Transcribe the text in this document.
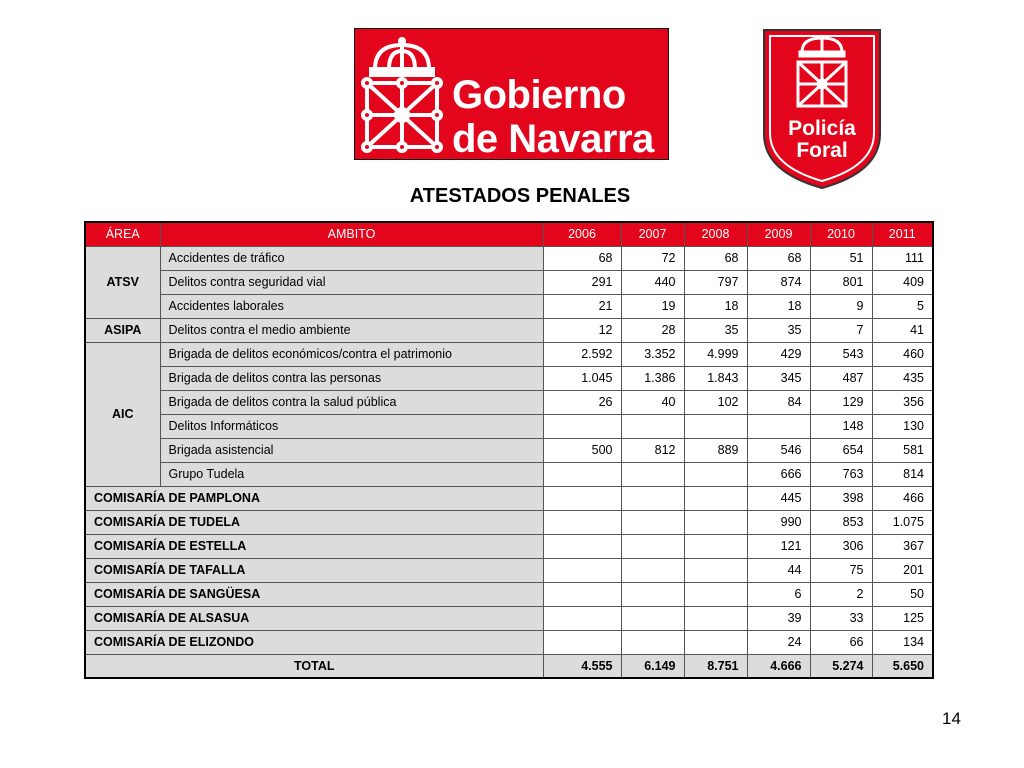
Gobierno
de Navarra	Policía
Foral
ATESTADOS PENALES
ÁREA	AMBITO	2006	2007	2008	2009	2010	2011
ATSV	Accidentes de tráfico	68	72	68	68	51	111
	Delitos contra seguridad vial	291	440	797	874	801	409
	Accidentes laborales	21	19	18	18	9	5
ASIPA	Delitos contra el medio ambiente	12	28	35	35	7	41
AIC	Brigada de delitos económicos/contra el patrimonio	2.592	3.352	4.999	429	543	460
	Brigada de delitos contra las personas	1.045	1.386	1.843	345	487	435
	Brigada de delitos contra la salud pública	26	40	102	84	129	356
	Delitos Informáticos					148	130
	Brigada asistencial	500	812	889	546	654	581
	Grupo Tudela				666	763	814
COMISARÍA DE PAMPLONA					445	398	466
COMISARÍA DE TUDELA					990	853	1.075
COMISARÍA DE ESTELLA					121	306	367
COMISARÍA DE TAFALLA					44	75	201
COMISARÍA DE SANGÜESA					6	2	50
COMISARÍA DE ALSASUA					39	33	125
COMISARÍA DE ELIZONDO					24	66	134
TOTAL		4.555	6.149	8.751	4.666	5.274	5.650
14
